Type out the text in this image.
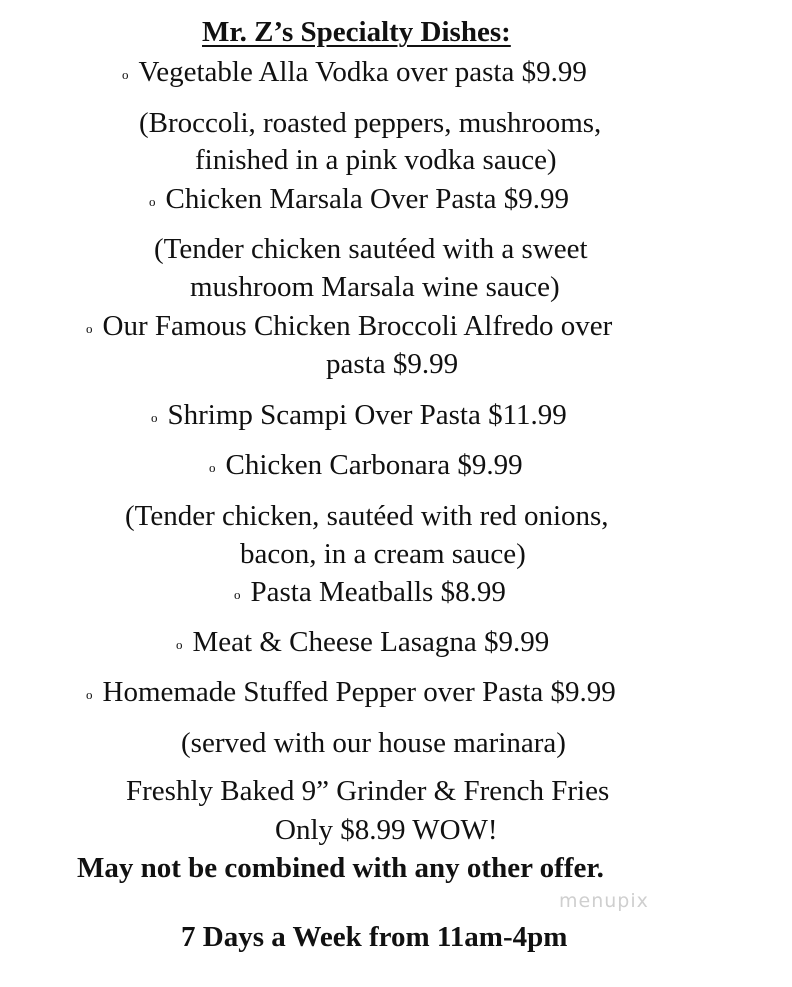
Mr. Z’s Specialty Dishes:
o Vegetable Alla Vodka over pasta $9.99
(Broccoli, roasted peppers, mushrooms,
finished in a pink vodka sauce)
o Chicken Marsala Over Pasta $9.99
(Tender chicken sautéed with a sweet
mushroom Marsala wine sauce)
o Our Famous Chicken Broccoli Alfredo over
pasta $9.99
o Shrimp Scampi Over Pasta $11.99
o Chicken Carbonara $9.99
(Tender chicken, sautéed with red onions,
bacon, in a cream sauce)
o Pasta Meatballs $8.99
o Meat & Cheese Lasagna $9.99
o Homemade Stuffed Pepper over Pasta $9.99
(served with our house marinara)
Freshly Baked 9” Grinder & French Fries
Only $8.99 WOW!
May not be combined with any other offer.
menupix
7 Days a Week from 11am-4pm
